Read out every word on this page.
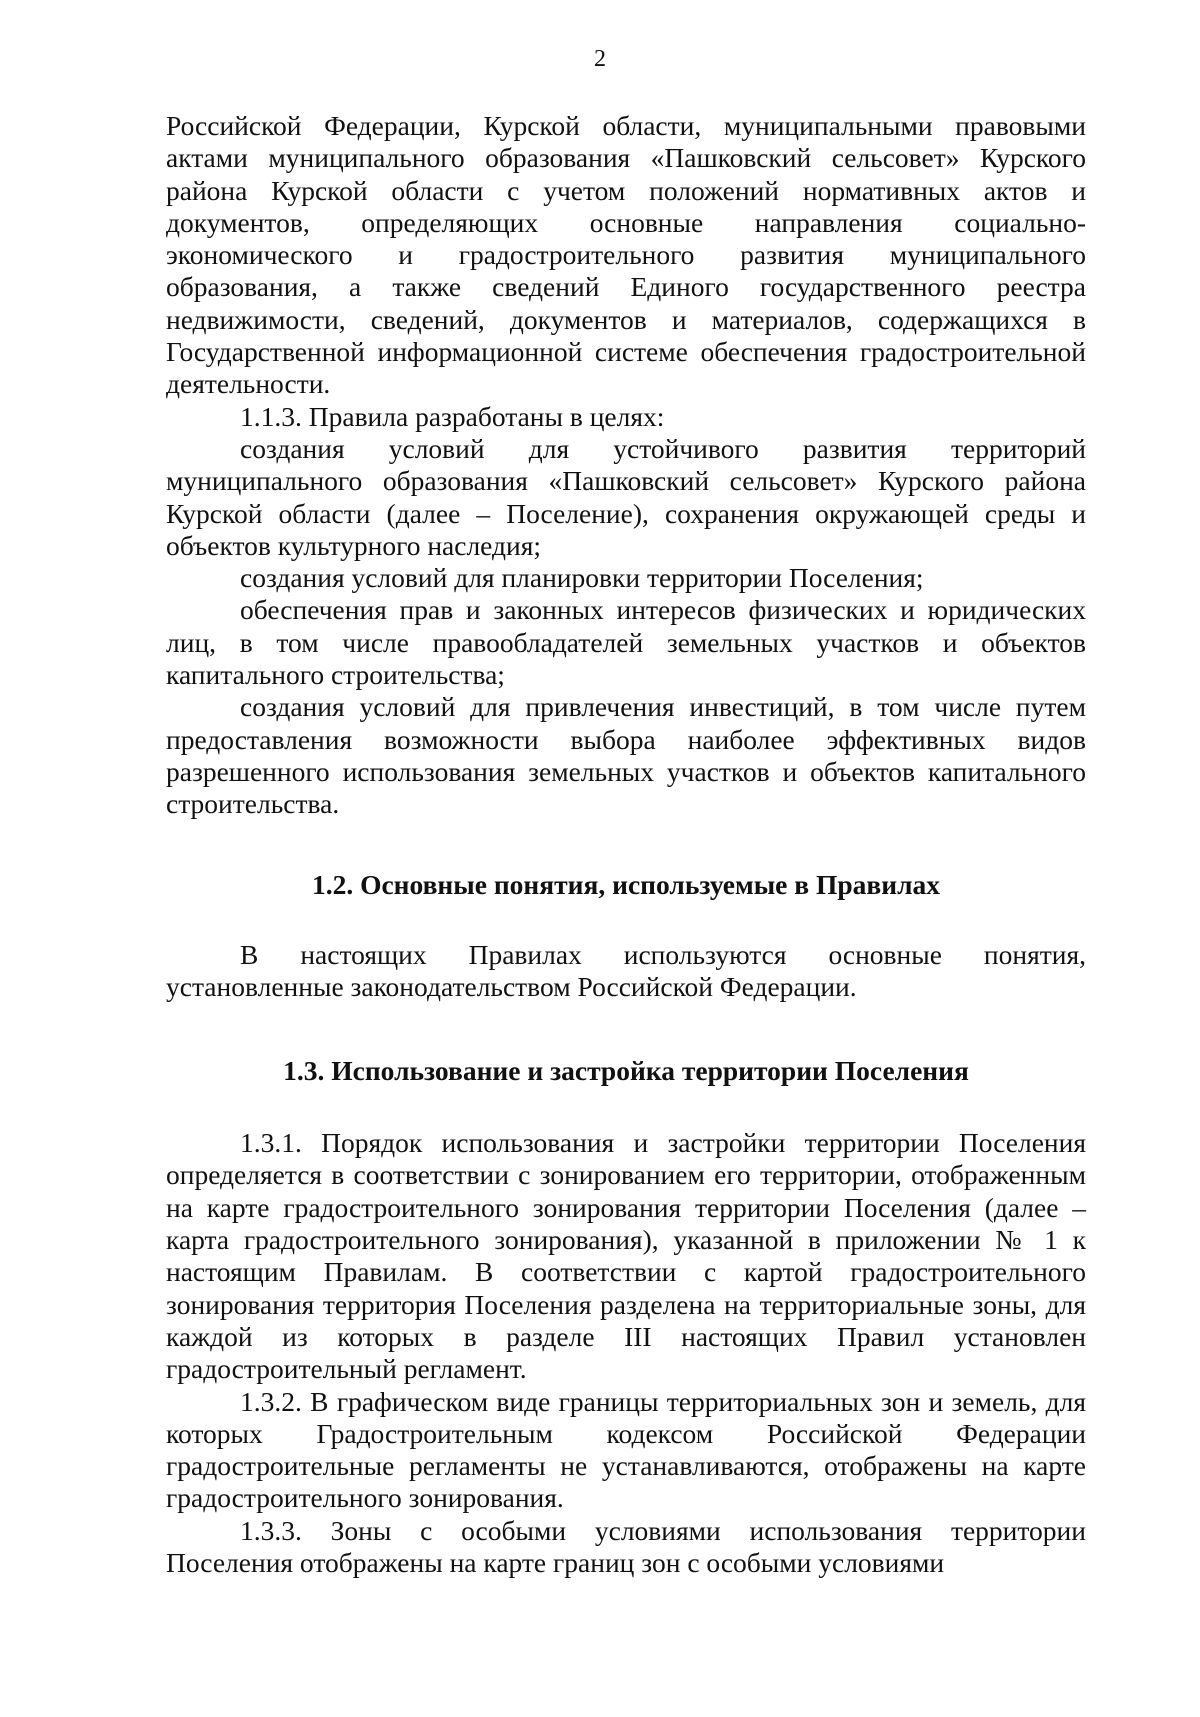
2

Российской Федерации, Курской области, муниципальными правовыми актами муниципального образования «Пашковский сельсовет» Курского района Курской области с учетом положений нормативных актов и документов, определяющих основные направления социально-экономического и градостроительного развития муниципального образования, а также сведений Единого государственного реестра недвижимости, сведений, документов и материалов, содержащихся в Государственной информационной системе обеспечения градостроительной деятельности.

1.1.3. Правила разработаны в целях:

создания условий для устойчивого развития территорий муниципального образования «Пашковский сельсовет» Курского района Курской области (далее – Поселение), сохранения окружающей среды и объектов культурного наследия;

создания условий для планировки территории Поселения;

обеспечения прав и законных интересов физических и юридических лиц, в том числе правообладателей земельных участков и объектов капитального строительства;

создания условий для привлечения инвестиций, в том числе путем предоставления возможности выбора наиболее эффективных видов разрешенного использования земельных участков и объектов капитального строительства.

1.2. Основные понятия, используемые в Правилах

В настоящих Правилах используются основные понятия, установленные законодательством Российской Федерации.

1.3. Использование и застройка территории Поселения

1.3.1. Порядок использования и застройки территории Поселения определяется в соответствии с зонированием его территории, отображенным на карте градостроительного зонирования территории Поселения (далее – карта градостроительного зонирования), указанной в приложении № 1 к настоящим Правилам. В соответствии с картой градостроительного зонирования территория Поселения разделена на территориальные зоны, для каждой из которых в разделе III настоящих Правил установлен градостроительный регламент.

1.3.2. В графическом виде границы территориальных зон и земель, для которых Градостроительным кодексом Российской Федерации градостроительные регламенты не устанавливаются, отображены на карте градостроительного зонирования.

1.3.3. Зоны с особыми условиями использования территории Поселения отображены на карте границ зон с особыми условиями
